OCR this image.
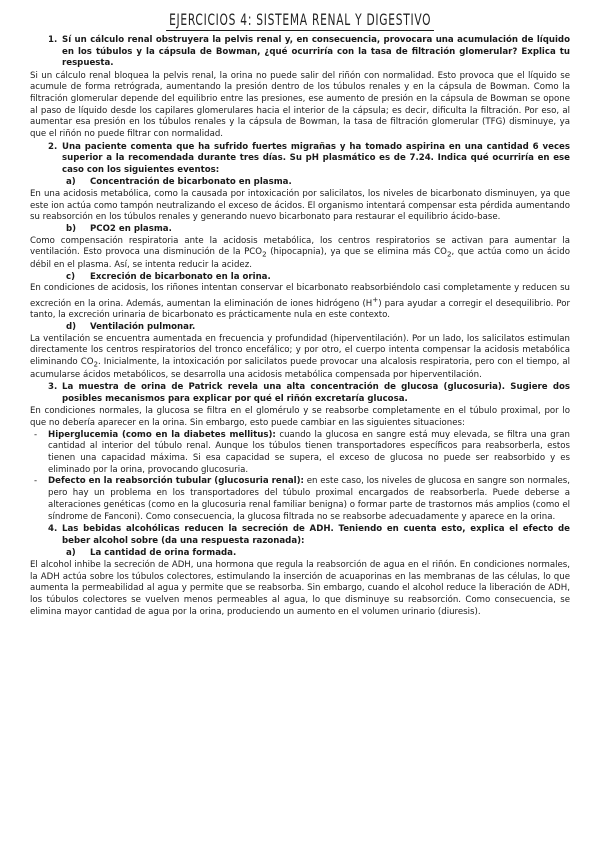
EJERCICIOS 4: SISTEMA RENAL Y DIGESTIVO
1. Sí un cálculo renal obstruyera la pelvis renal y, en consecuencia, provocara una acumulación de líquido en los túbulos y la cápsula de Bowman, ¿qué ocurriría con la tasa de filtración glomerular? Explica tu respuesta.

Si un cálculo renal bloquea la pelvis renal, la orina no puede salir del riñón con normalidad. Esto provoca que el líquido se acumule de forma retrógrada, aumentando la presión dentro de los túbulos renales y en la cápsula de Bowman. Como la filtración glomerular depende del equilibrio entre las presiones, ese aumento de presión en la cápsula de Bowman se opone al paso de líquido desde los capilares glomerulares hacia el interior de la cápsula; es decir, dificulta la filtración. Por eso, al aumentar esa presión en los túbulos renales y la cápsula de Bowman, la tasa de filtración glomerular (TFG) disminuye, ya que el riñón no puede filtrar con normalidad.

2. Una paciente comenta que ha sufrido fuertes migrañas y ha tomado aspirina en una cantidad 6 veces superior a la recomendada durante tres días. Su pH plasmático es de 7.24. Indica qué ocurriría en ese caso con los siguientes eventos:
a)	Concentración de bicarbonato en plasma.

En una acidosis metabólica, como la causada por intoxicación por salicilatos, los niveles de bicarbonato disminuyen, ya que este ion actúa como tampón neutralizando el exceso de ácidos. El organismo intentará compensar esta pérdida aumentando su reabsorción en los túbulos renales y generando nuevo bicarbonato para restaurar el equilibrio ácido-base.

b)	PCO2 en plasma.

Como compensación respiratoria ante la acidosis metabólica, los centros respiratorios se activan para aumentar la ventilación. Esto provoca una disminución de la $PCO_2$ (hipocapnia), ya que se elimina más $CO_2$, que actúa como un ácido débil en el plasma. Así, se intenta reducir la acidez.

c)	Excreción de bicarbonato en la orina.

En condiciones de acidosis, los riñones intentan conservar el bicarbonato reabsorbiéndolo casi completamente y reducen su excreción en la orina. Además, aumentan la eliminación de iones hidrógeno (H+) para ayudar a corregir el desequilibrio. Por tanto, la excreción urinaria de bicarbonato es prácticamente nula en este contexto.

d)	Ventilación pulmonar.

La ventilación se encuentra aumentada en frecuencia y profundidad (hiperventilación). Por un lado, los salicilatos estimulan directamente los centros respiratorios del tronco encefálico; y por otro, el cuerpo intenta compensar la acidosis metabólica eliminando $CO_2$. Inicialmente, la intoxicación por salicilatos puede provocar una alcalosis respiratoria, pero con el tiempo, al acumularse ácidos metabólicos, se desarrolla una acidosis metabólica compensada por hiperventilación.

3. La muestra de orina de Patrick revela una alta concentración de glucosa (glucosuria). Sugiere dos posibles mecanismos para explicar por qué el riñón excretaría glucosa.

En condiciones normales, la glucosa se filtra en el glomérulo y se reabsorbe completamente en el túbulo proximal, por lo que no debería aparecer en la orina. Sin embargo, esto puede cambiar en las siguientes situaciones:

-	Hiperglucemia (como en la diabetes mellitus): cuando la glucosa en sangre está muy elevada, se filtra una gran cantidad al interior del túbulo renal. Aunque los túbulos tienen transportadores específicos para reabsorberla, estos tienen una capacidad máxima. Si esa capacidad se supera, el exceso de glucosa no puede ser reabsorbido y es eliminado por la orina, provocando glucosuria.
-	Defecto en la reabsorción tubular (glucosuria renal): en este caso, los niveles de glucosa en sangre son normales, pero hay un problema en los transportadores del túbulo proximal encargados de reabsorberla. Puede deberse a alteraciones genéticas (como en la glucosuria renal familiar benigna) o formar parte de trastornos más amplios (como el síndrome de Fanconi). Como consecuencia, la glucosa filtrada no se reabsorbe adecuadamente y aparece en la orina.
4. Las bebidas alcohólicas reducen la secreción de ADH. Teniendo en cuenta esto, explica el efecto de beber alcohol sobre (da una respuesta razonada):
a)	La cantidad de orina formada.

El alcohol inhibe la secreción de ADH, una hormona que regula la reabsorción de agua en el riñón. En condiciones normales, la ADH actúa sobre los túbulos colectores, estimulando la inserción de acuaporinas en las membranas de las células, lo que aumenta la permeabilidad al agua y permite que se reabsorba. Sin embargo, cuando el alcohol reduce la liberación de ADH, los túbulos colectores se vuelven menos permeables al agua, lo que disminuye su reabsorción. Como consecuencia, se elimina mayor cantidad de agua por la orina, produciendo un aumento en el volumen urinario (diuresis).
